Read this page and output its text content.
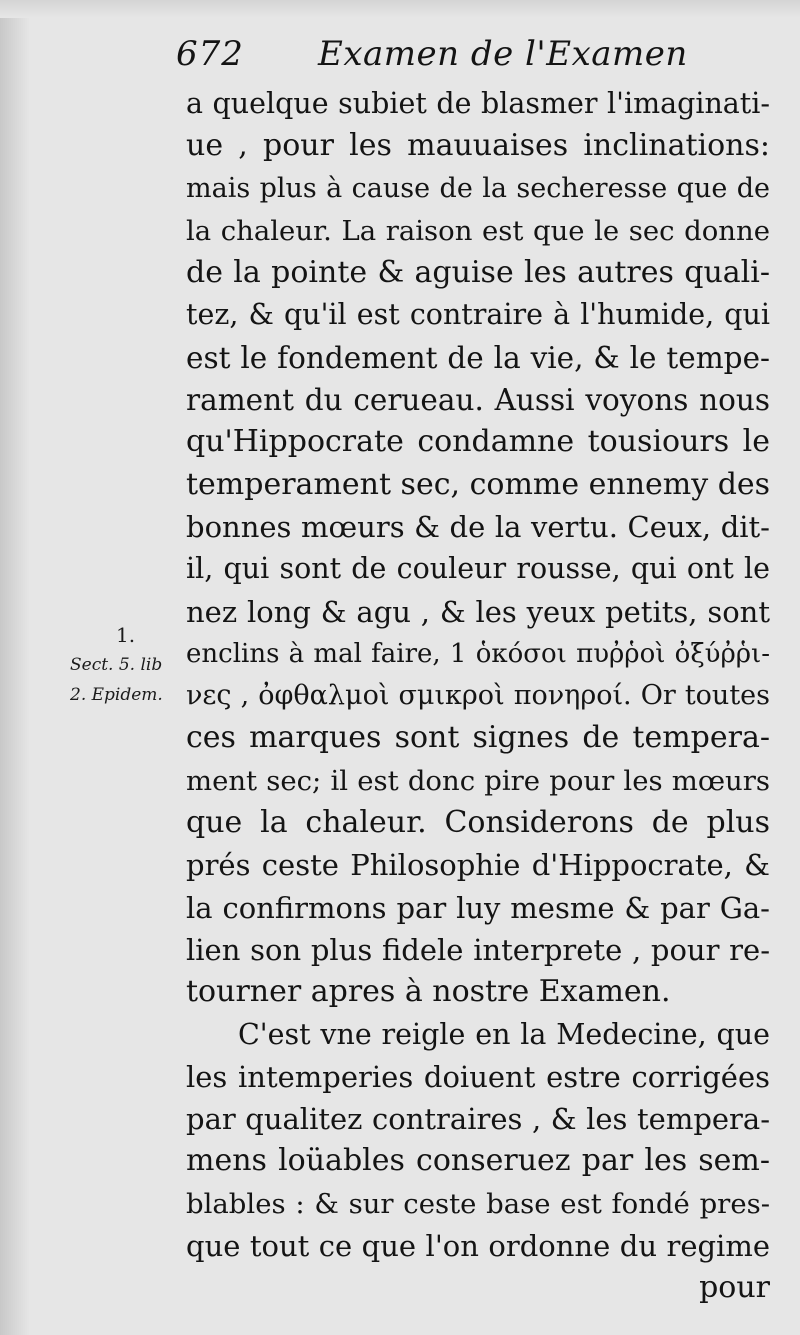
672 Examen de l'Examen
1.
Sect. 5. lib
2. Epidem.
a quelque subiet de blasmer l'imaginati-
ue , pour les mauuaises inclinations:
mais plus à cause de la secheresse que de
la chaleur. La raison est que le sec donne
de la pointe & aguise les autres quali-
tez, & qu'il est contraire à l'humide, qui
est le fondement de la vie, & le tempe-
rament du cerueau. Aussi voyons nous
qu'Hippocrate condamne tousiours le
temperament sec, comme ennemy des
bonnes mœurs & de la vertu. Ceux, dit-
il, qui sont de couleur rousse, qui ont le
nez long & agu , & les yeux petits, sont
enclins à mal faire, 1 ὁκόσοι πυῤῥοὶ ὀξύῤῥι-
νες , ὀφθαλμοὶ σμικροὶ πονηροί. Or toutes
ces marques sont signes de tempera-
ment sec; il est donc pire pour les mœurs
que la chaleur. Considerons de plus
prés ceste Philosophie d'Hippocrate, &
la confirmons par luy mesme & par Ga-
lien son plus fidele interprete , pour re-
tourner apres à nostre Examen.
C'est vne reigle en la Medecine, que
les intemperies doiuent estre corrigées
par qualitez contraires , & les tempera-
mens loüables conseruez par les sem-
blables : & sur ceste base est fondé pres-
que tout ce que l'on ordonne du regime
pour
